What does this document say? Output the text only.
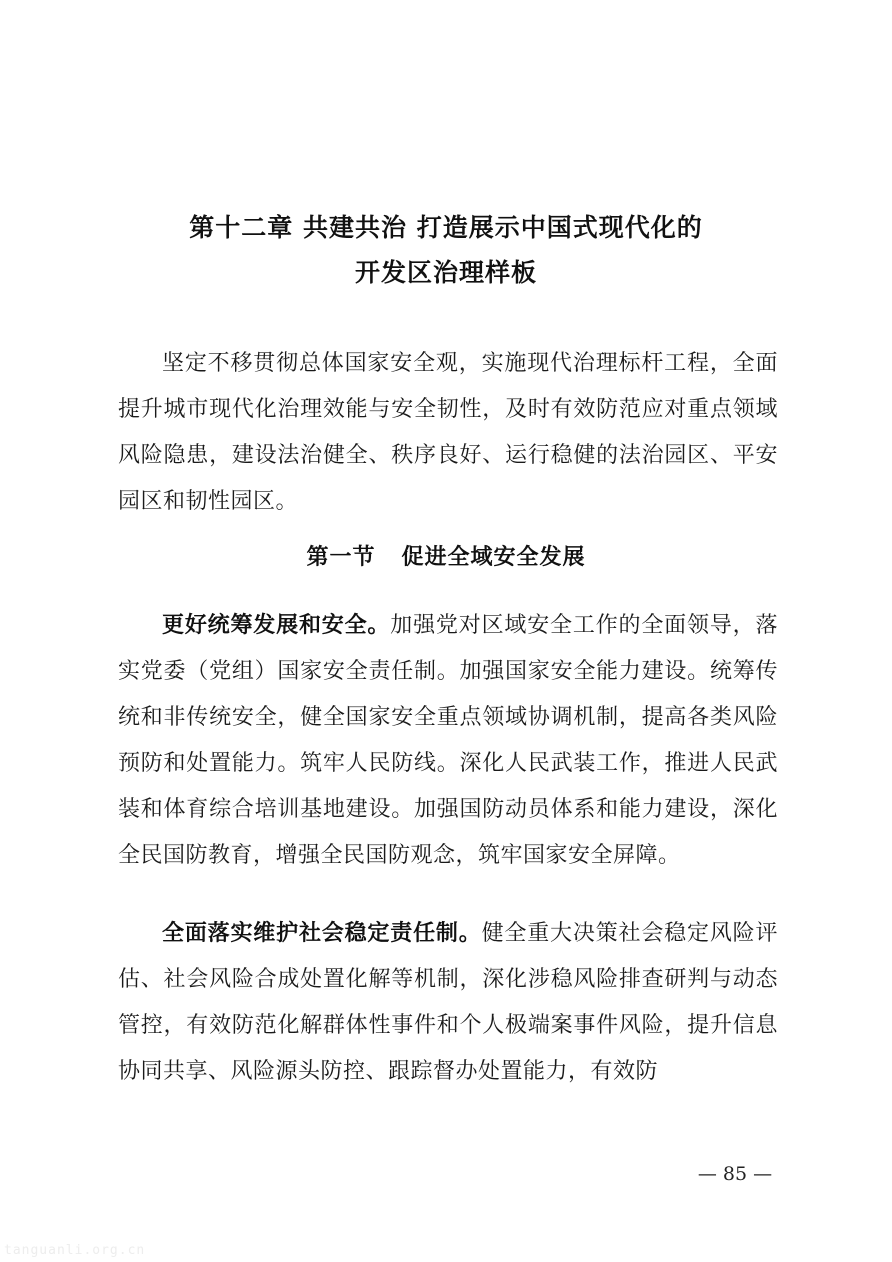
第十二章 共建共治 打造展示中国式现代化的
开发区治理样板

坚定不移贯彻总体国家安全观，实施现代治理标杆工程，全面提升城市现代化治理效能与安全韧性，及时有效防范应对重点领域风险隐患，建设法治健全、秩序良好、运行稳健的法治园区、平安园区和韧性园区。

第一节 促进全域安全发展

更好统筹发展和安全。加强党对区域安全工作的全面领导，落实党委（党组）国家安全责任制。加强国家安全能力建设。统筹传统和非传统安全，健全国家安全重点领域协调机制，提高各类风险预防和处置能力。筑牢人民防线。深化人民武装工作，推进人民武装和体育综合培训基地建设。加强国防动员体系和能力建设，深化全民国防教育，增强全民国防观念，筑牢国家安全屏障。

全面落实维护社会稳定责任制。健全重大决策社会稳定风险评估、社会风险合成处置化解等机制，深化涉稳风险排查研判与动态管控，有效防范化解群体性事件和个人极端案事件风险，提升信息协同共享、风险源头防控、跟踪督办处置能力，有效防

— 85 —
tanguanli.org.cn
